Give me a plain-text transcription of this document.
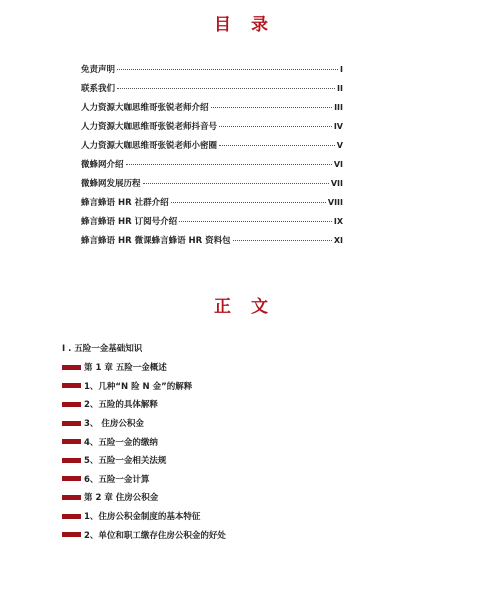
目 录
免责声明	I
联系我们	II
人力资源大咖思维哥张锐老师介绍	III
人力资源大咖思维哥张锐老师抖音号	IV
人力资源大咖思维哥张锐老师小密圈	V
微蜂网介绍	VI
微蜂网发展历程	VII
蜂言蜂语 HR 社群介绍	VIII
蜂言蜂语 HR 订阅号介绍	IX
蜂言蜂语 HR 微课蜂言蜂语 HR 资料包	XI
正 文
I . 五险一金基础知识
第 1 章 五险一金概述
1、几种“N 险 N 金”的解释
2、五险的具体解释
3、 住房公积金
4、五险一金的缴纳
5、五险一金相关法规
6、五险一金计算
第 2 章 住房公积金
1、住房公积金制度的基本特征
2、单位和职工缴存住房公积金的好处
